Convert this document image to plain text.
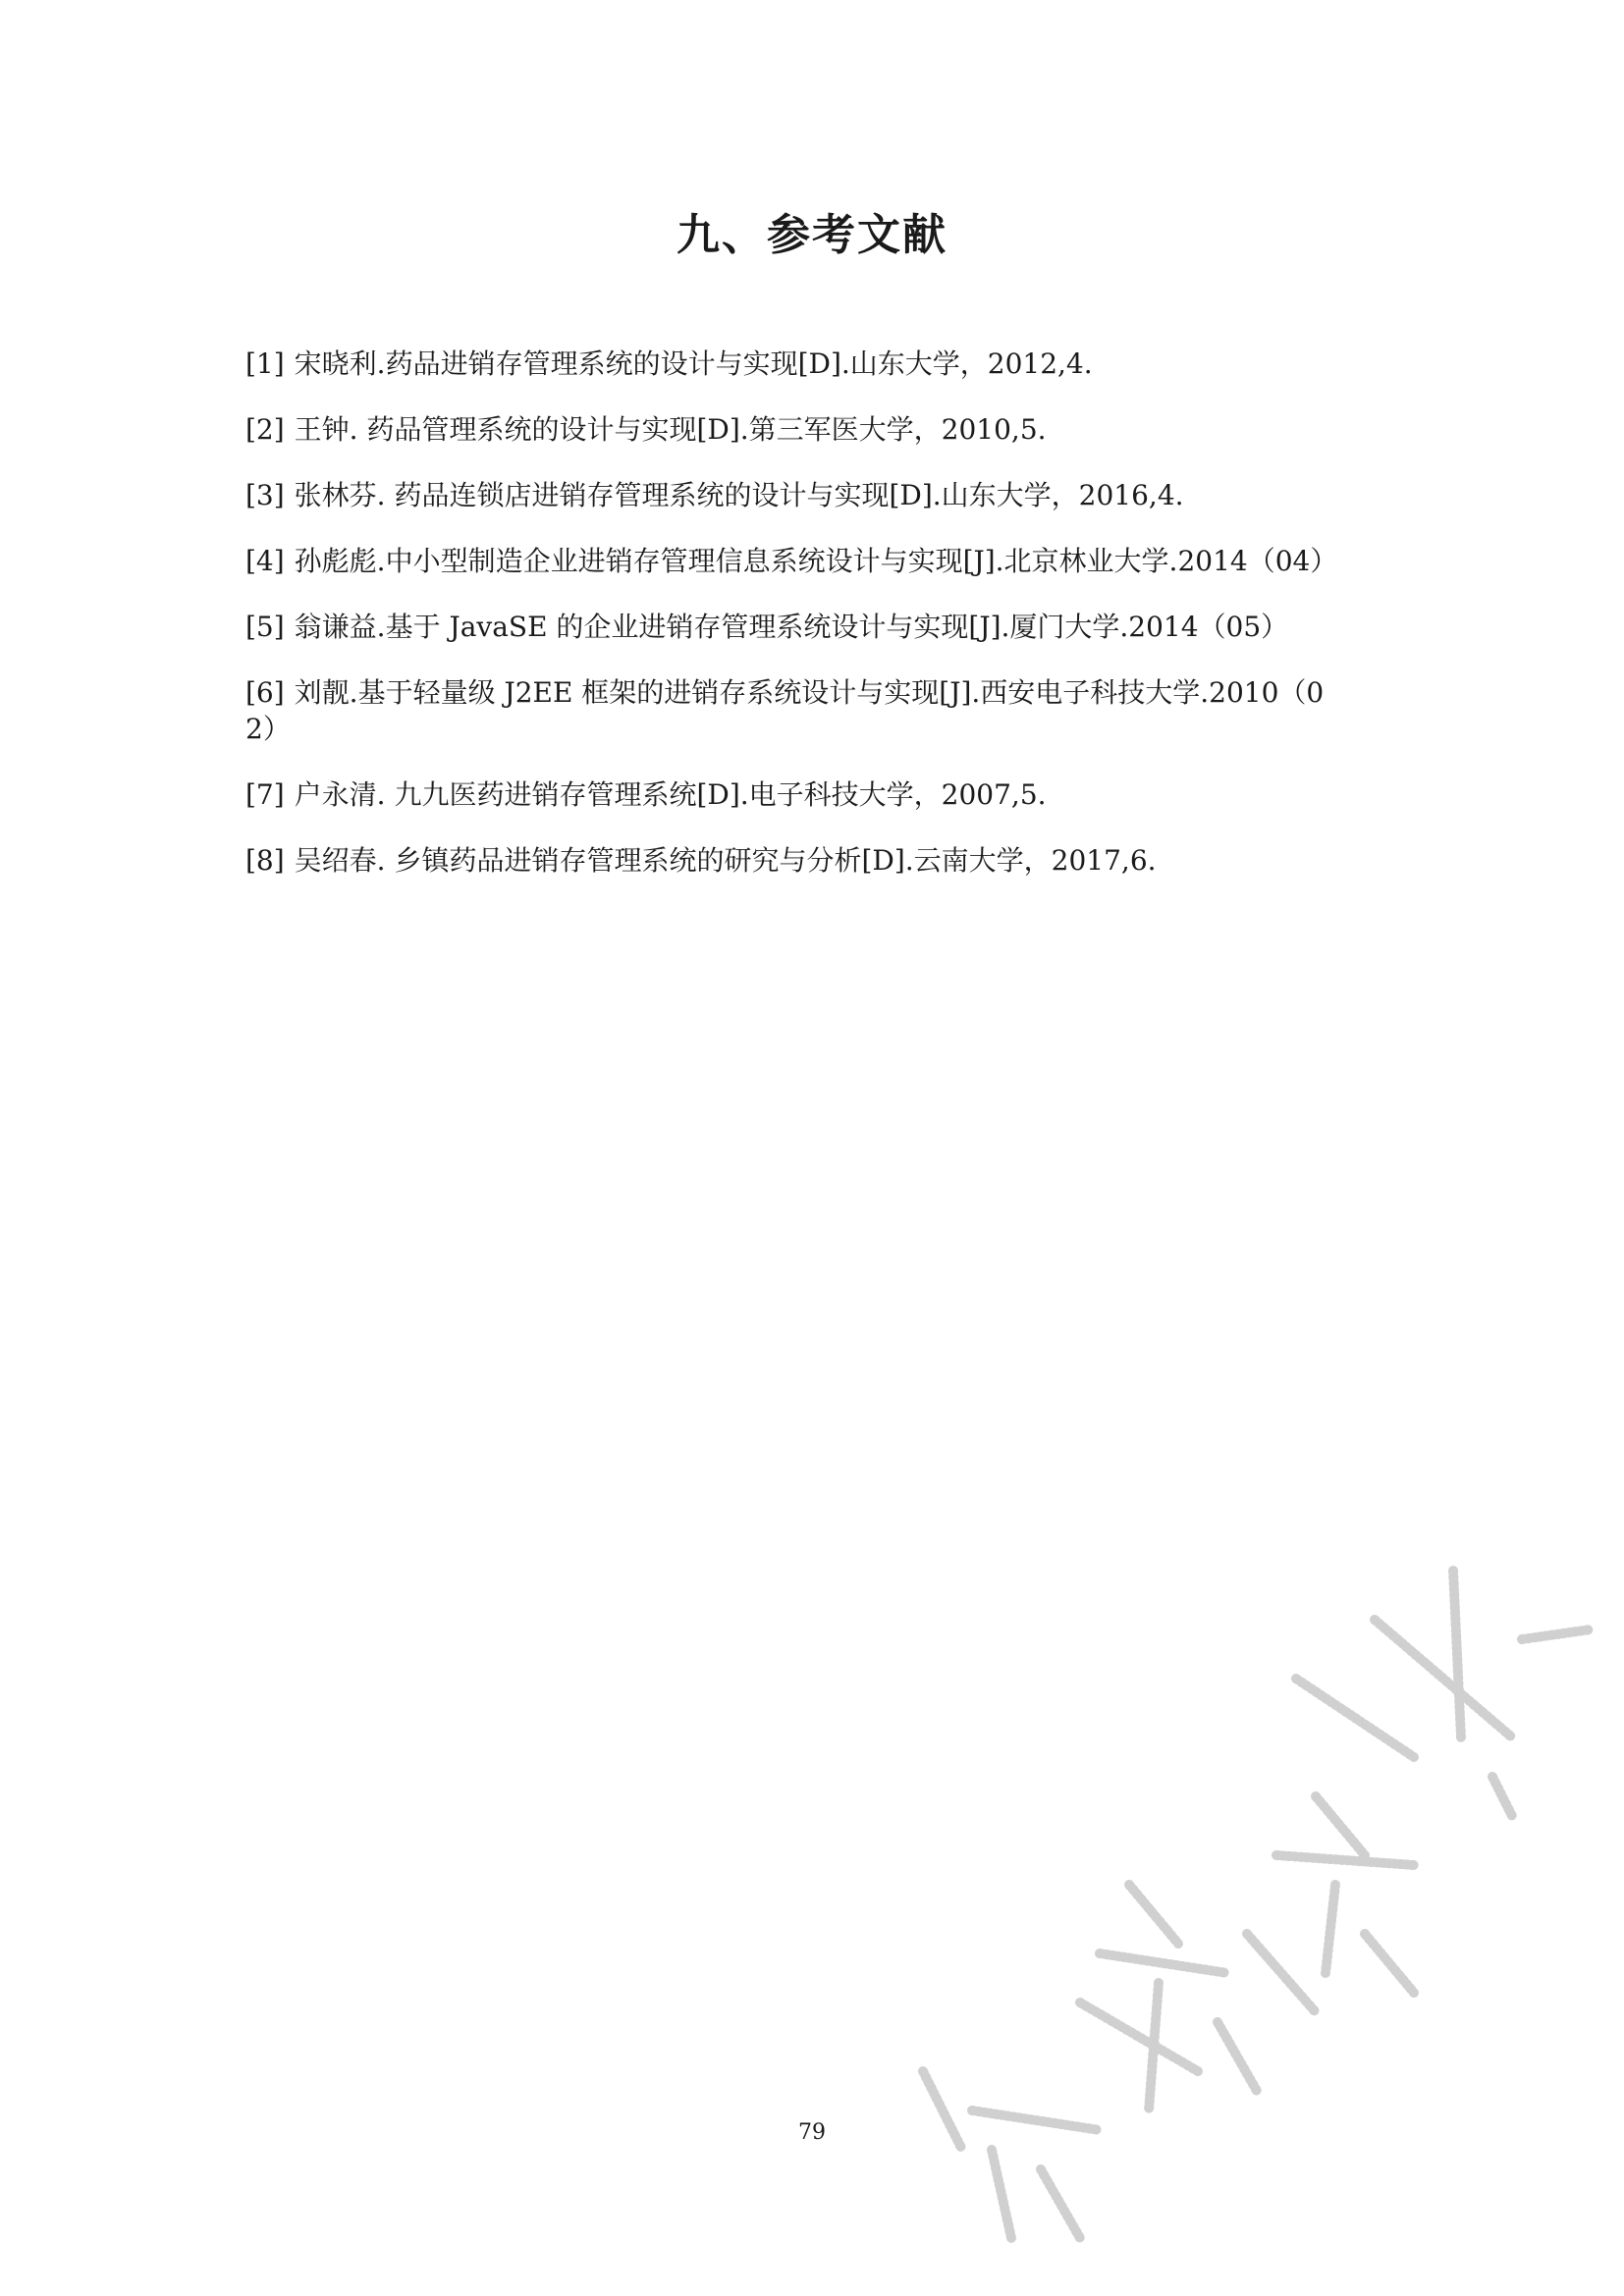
九、参考文献
[1] 宋晓利.药品进销存管理系统的设计与实现[D].山东大学，2012,4.
[2] 王钟. 药品管理系统的设计与实现[D].第三军医大学，2010,5.
[3] 张林芬. 药品连锁店进销存管理系统的设计与实现[D].山东大学，2016,4.
[4] 孙彪彪.中小型制造企业进销存管理信息系统设计与实现[J].北京林业大学.2014（04）
[5] 翁谦益.基于 JavaSE 的企业进销存管理系统设计与实现[J].厦门大学.2014（05）
[6] 刘靓.基于轻量级 J2EE 框架的进销存系统设计与实现[J].西安电子科技大学.2010（02）
[7] 户永清. 九九医药进销存管理系统[D].电子科技大学，2007,5.
[8] 吴绍春. 乡镇药品进销存管理系统的研究与分析[D].云南大学，2017,6.
79
